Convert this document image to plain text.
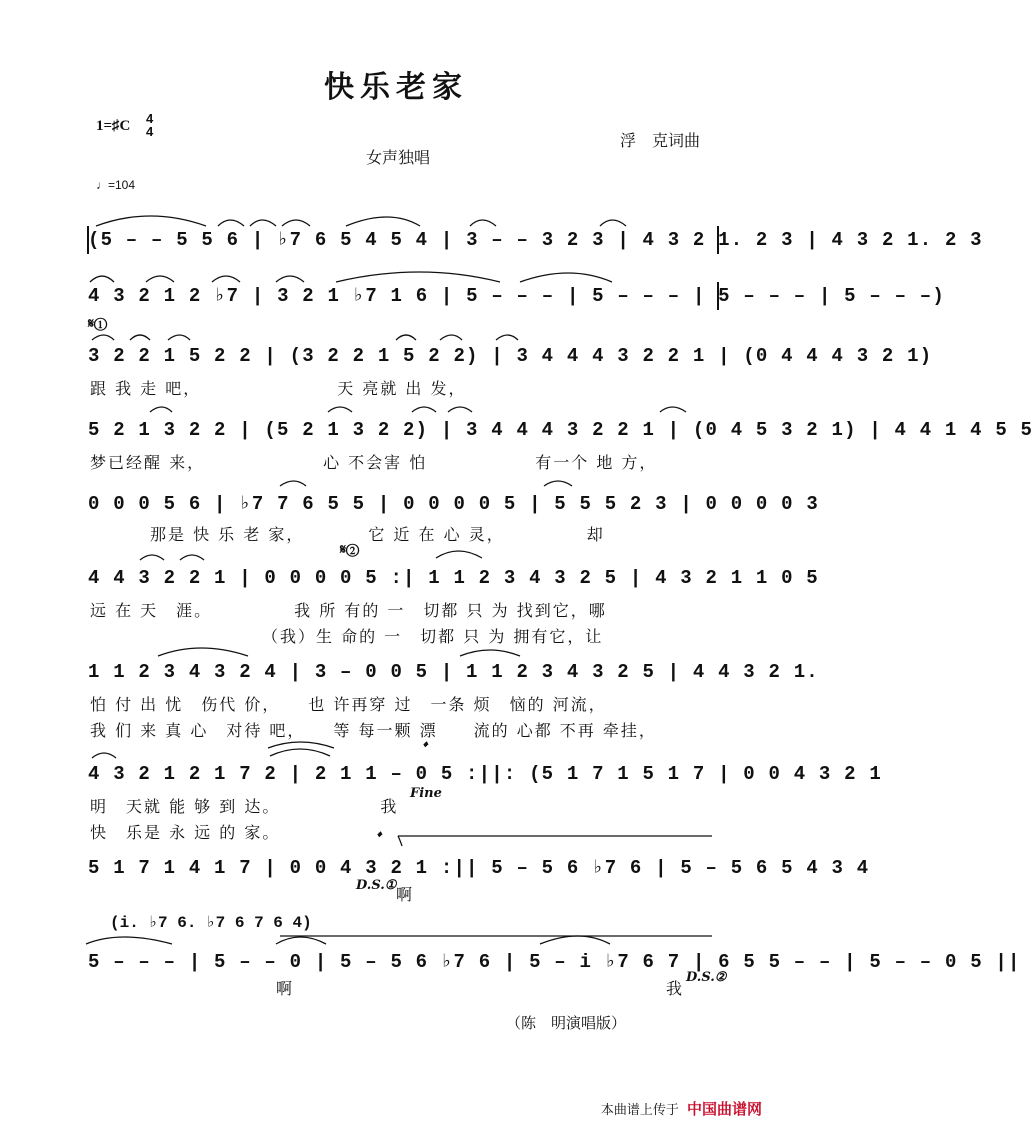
快乐老家
1=♯C 4
4
女声独唱
浮　克词曲
♩=104
𝄋①
𝄋②
(5 – – 5 5 6 | ♭7 6 5 4 5 4 | 3 – – 3 2 3 | 4 3 2 1. 2 3 | 4 3 2 1. 2 3
4 3 2 1 2 ♭7 | 3 2 1 ♭7 1 6 | 5 – – – | 5 – – – | 5 – – – | 5 – – –)
3 2 2 1 5 2 2 | (3 2 2 1 5 2 2) | 3 4 4 4 3 2 2 1 | (0 4 4 4 3 2 1)
跟 我 走 吧，　　　　　　　　天 亮就 出 发，
5 2 1 3 2 2 | (5 2 1 3 2 2) | 3 4 4 4 3 2 2 1 | (0 4 5 3 2 1) | 4 4 1 4 5 5
梦已经醒 来，　　　　　　　心 不会害 怕　　　　　　有一个 地 方，
0 0 0 5 6 | ♭7 7 6 5 5 | 0 0 0 0 5 | 5 5 5 2 3 | 0 0 0 0 3
那是 快 乐 老 家，　　　　它 近 在 心 灵，　　　　　却
4 4 3 2 2 1 | 0 0 0 0 5 :| 1 1 2 3 4 3 2 5 | 4 3 2 1 1 0 5
远 在 天　涯。　　　　　我 所 有的 一　切都 只 为 找到它，哪
　　　　　　　　　　（我）生 命的 一　切都 只 为 拥有它，让
1 1 2 3 4 3 2 4 | 3 – 0 0 5 | 1 1 2 3 4 3 2 5 | 4 4 3 2 1.
怕 付 出 忧　伤代 价，　　也 许再穿 过　一条 烦　恼的 河流，
我 们 来 真 心　对待 吧，　　等 每一颗 漂　　流的 心都 不再 牵挂，
4 3 2 1 2 1 7 2 | 2 1 1 – 0 5 :||: (5 1 7 1 5 1 7 | 0 0 4 3 2 1
𝄌
Fine
明　天就 能 够 到 达。　　　　　　我
快　乐是 永 远 的 家。
5 1 7 1 4 1 7 | 0 0 4 3 2 1 :|| 5 – 5 6 ♭7 6 | 5 – 5 6 5 4 3 4
𝄌
D.S.① 啊
(i. ♭7 6. ♭7 6 7 6 4)
5 – – – | 5 – – 0 | 5 – 5 6 ♭7 6 | 5 – i ♭7 6 7 | 6 5 5 – – | 5 – – 0 5 ||
啊	我
D.S.②
（陈　明演唱版）
本曲谱上传于 中国曲谱网
